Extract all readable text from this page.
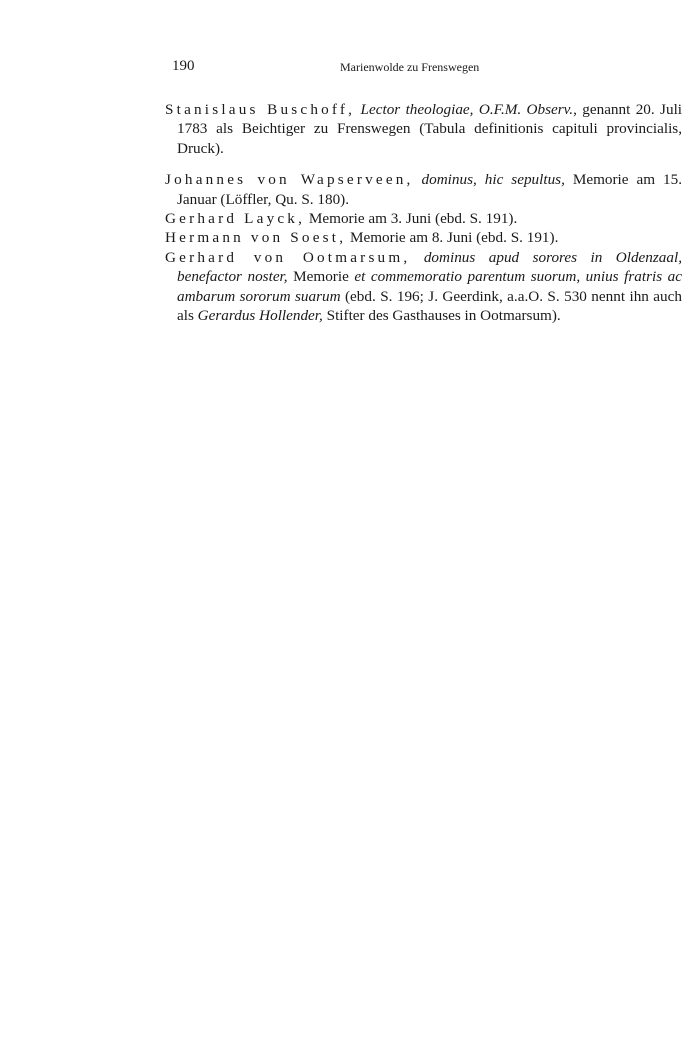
190	Marienwolde zu Frenswegen

Stanislaus Buschoff, Lector theologiae, O.F.M. Observ., genannt 20. Juli 1783 als Beichtiger zu Frenswegen (Tabula definitionis capituli provincialis, Druck).

Johannes von Wapserveen, dominus, hic sepultus, Memorie am 15. Januar (Löffler, Qu. S. 180).

Gerhard Layck, Memorie am 3. Juni (ebd. S. 191).

Hermann von Soest, Memorie am 8. Juni (ebd. S. 191).

Gerhard von Ootmarsum, dominus apud sorores in Oldenzaal, benefactor noster, Memorie et commemoratio parentum suorum, unius fratris ac ambarum sororum suarum (ebd. S. 196; J. Geerdink, a.a.O. S. 530 nennt ihn auch als Gerardus Hollender, Stifter des Gasthauses in Ootmarsum).
